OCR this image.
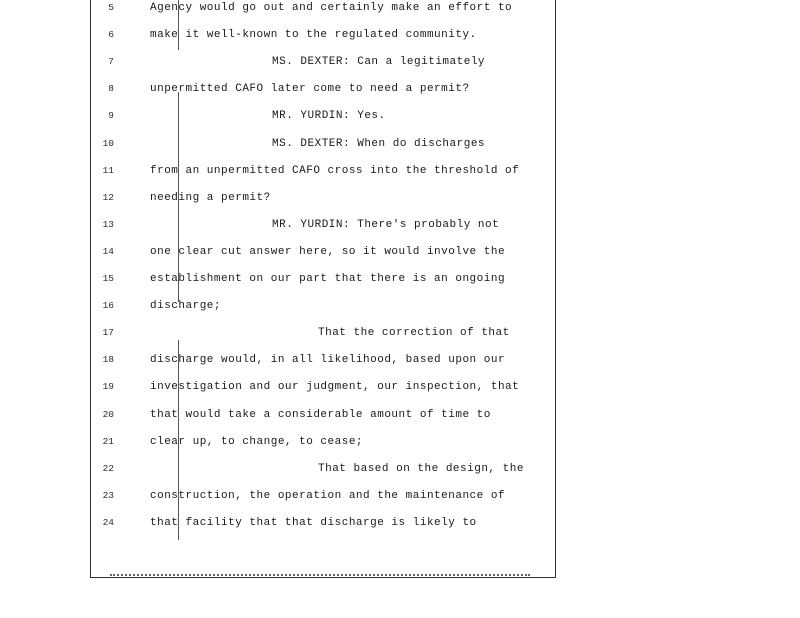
5	Agency would go out and certainly make an effort to
6	make it well-known to the regulated community.
7	MS. DEXTER: Can a legitimately
8	unpermitted CAFO later come to need a permit?
9	MR. YURDIN: Yes.
10	MS. DEXTER: When do discharges
11	from an unpermitted CAFO cross into the threshold of
12	needing a permit?
13	MR. YURDIN: There's probably not
14	one clear cut answer here, so it would involve the
15	establishment on our part that there is an ongoing
16	discharge;
17	That the correction of that
18	discharge would, in all likelihood, based upon our
19	investigation and our judgment, our inspection, that
20	that would take a considerable amount of time to
21	clear up, to change, to cease;
22	That based on the design, the
23	construction, the operation and the maintenance of
24	that facility that that discharge is likely to
